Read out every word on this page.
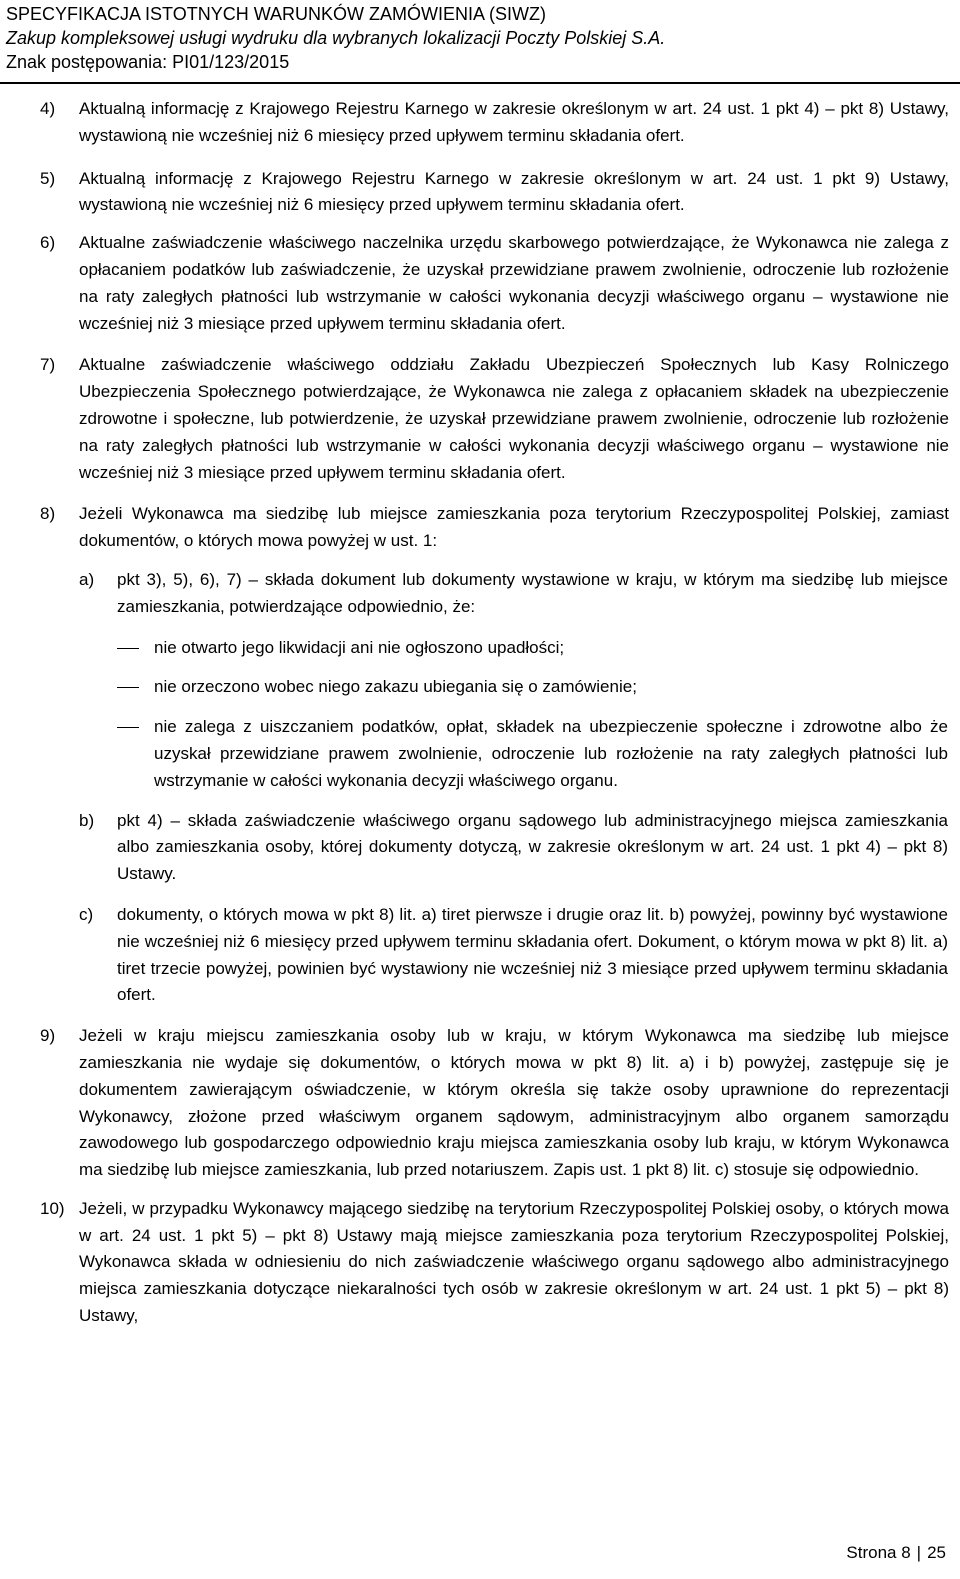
SPECYFIKACJA ISTOTNYCH WARUNKÓW ZAMÓWIENIA (SIWZ)
Zakup kompleksowej usługi wydruku dla wybranych lokalizacji Poczty Polskiej S.A.
Znak postępowania: PI01/123/2015
4) Aktualną informację z Krajowego Rejestru Karnego w zakresie określonym w art. 24 ust. 1 pkt 4) – pkt 8) Ustawy, wystawioną nie wcześniej niż 6 miesięcy przed upływem terminu składania ofert.
5) Aktualną informację z Krajowego Rejestru Karnego w zakresie określonym w art. 24 ust. 1 pkt 9) Ustawy, wystawioną nie wcześniej niż 6 miesięcy przed upływem terminu składania ofert.
6) Aktualne zaświadczenie właściwego naczelnika urzędu skarbowego potwierdzające, że Wykonawca nie zalega z opłacaniem podatków lub zaświadczenie, że uzyskał przewidziane prawem zwolnienie, odroczenie lub rozłożenie na raty zaległych płatności lub wstrzymanie w całości wykonania decyzji właściwego organu – wystawione nie wcześniej niż 3 miesiące przed upływem terminu składania ofert.
7) Aktualne zaświadczenie właściwego oddziału Zakładu Ubezpieczeń Społecznych lub Kasy Rolniczego Ubezpieczenia Społecznego potwierdzające, że Wykonawca nie zalega z opłacaniem składek na ubezpieczenie zdrowotne i społeczne, lub potwierdzenie, że uzyskał przewidziane prawem zwolnienie, odroczenie lub rozłożenie na raty zaległych płatności lub wstrzymanie w całości wykonania decyzji właściwego organu – wystawione nie wcześniej niż 3 miesiące przed upływem terminu składania ofert.
8) Jeżeli Wykonawca ma siedzibę lub miejsce zamieszkania poza terytorium Rzeczypospolitej Polskiej, zamiast dokumentów, o których mowa powyżej w ust. 1:
a) pkt 3), 5), 6), 7) – składa dokument lub dokumenty wystawione w kraju, w którym ma siedzibę lub miejsce zamieszkania, potwierdzające odpowiednio, że:
nie otwarto jego likwidacji ani nie ogłoszono upadłości;
nie orzeczono wobec niego zakazu ubiegania się o zamówienie;
nie zalega z uiszczaniem podatków, opłat, składek na ubezpieczenie społeczne i zdrowotne albo że uzyskał przewidziane prawem zwolnienie, odroczenie lub rozłożenie na raty zaległych płatności lub wstrzymanie w całości wykonania decyzji właściwego organu.
b) pkt 4) – składa zaświadczenie właściwego organu sądowego lub administracyjnego miejsca zamieszkania albo zamieszkania osoby, której dokumenty dotyczą, w zakresie określonym w art. 24 ust. 1 pkt 4) – pkt 8) Ustawy.
c) dokumenty, o których mowa w pkt 8) lit. a) tiret pierwsze i drugie oraz lit. b) powyżej, powinny być wystawione nie wcześniej niż 6 miesięcy przed upływem terminu składania ofert. Dokument, o którym mowa w pkt 8) lit. a) tiret trzecie powyżej, powinien być wystawiony nie wcześniej niż 3 miesiące przed upływem terminu składania ofert.
9) Jeżeli w kraju miejscu zamieszkania osoby lub w kraju, w którym Wykonawca ma siedzibę lub miejsce zamieszkania nie wydaje się dokumentów, o których mowa w pkt 8) lit. a) i b) powyżej, zastępuje się je dokumentem zawierającym oświadczenie, w którym określa się także osoby uprawnione do reprezentacji Wykonawcy, złożone przed właściwym organem sądowym, administracyjnym albo organem samorządu zawodowego lub gospodarczego odpowiednio kraju miejsca zamieszkania osoby lub kraju, w którym Wykonawca ma siedzibę lub miejsce zamieszkania, lub przed notariuszem. Zapis ust. 1 pkt 8) lit. c) stosuje się odpowiednio.
10) Jeżeli, w przypadku Wykonawcy mającego siedzibę na terytorium Rzeczypospolitej Polskiej osoby, o których mowa w art. 24 ust. 1 pkt 5) – pkt 8) Ustawy mają miejsce zamieszkania poza terytorium Rzeczypospolitej Polskiej, Wykonawca składa w odniesieniu do nich zaświadczenie właściwego organu sądowego albo administracyjnego miejsca zamieszkania dotyczące niekaralności tych osób w zakresie określonym w art. 24 ust. 1 pkt 5) – pkt 8) Ustawy,
Strona 8 | 25
